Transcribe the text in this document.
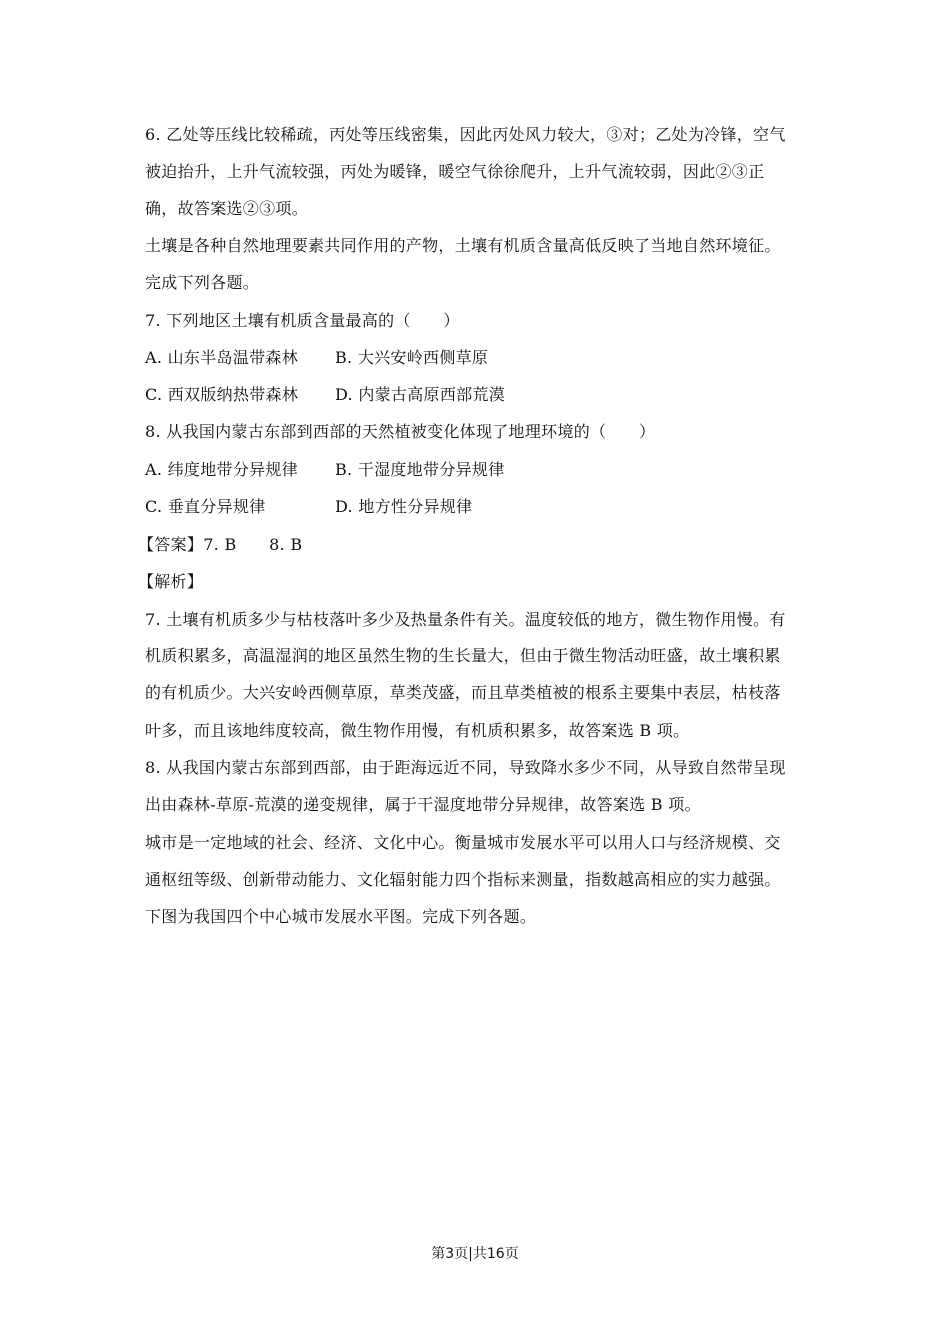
6. 乙处等压线比较稀疏，丙处等压线密集，因此丙处风力较大，③对；乙处为冷锋，空气
被迫抬升，上升气流较强，丙处为暖锋，暖空气徐徐爬升，上升气流较弱，因此②③正
确，故答案选②③项。
土壤是各种自然地理要素共同作用的产物，土壤有机质含量高低反映了当地自然环境征。
完成下列各题。
7. 下列地区土壤有机质含量最高的（　　）
A. 山东半岛温带森林 B. 大兴安岭西侧草原
C. 西双版纳热带森林 D. 内蒙古高原西部荒漠
8. 从我国内蒙古东部到西部的天然植被变化体现了地理环境的（　　）
A. 纬度地带分异规律 B. 干湿度地带分异规律
C. 垂直分异规律	D. 地方性分异规律
【答案】7. B　　8. B
【解析】
7. 土壤有机质多少与枯枝落叶多少及热量条件有关。温度较低的地方，微生物作用慢。有
机质积累多，高温湿润的地区虽然生物的生长量大，但由于微生物活动旺盛，故土壤积累
的有机质少。大兴安岭西侧草原，草类茂盛，而且草类植被的根系主要集中表层，枯枝落
叶多，而且该地纬度较高，微生物作用慢，有机质积累多，故答案选 B 项。
8. 从我国内蒙古东部到西部，由于距海远近不同，导致降水多少不同，从导致自然带呈现
出由森林-草原-荒漠的递变规律，属于干湿度地带分异规律，故答案选 B 项。
城市是一定地域的社会、经济、文化中心。衡量城市发展水平可以用人口与经济规模、交
通枢纽等级、创新带动能力、文化辐射能力四个指标来测量，指数越高相应的实力越强。
下图为我国四个中心城市发展水平图。完成下列各题。
第3页|共16页
